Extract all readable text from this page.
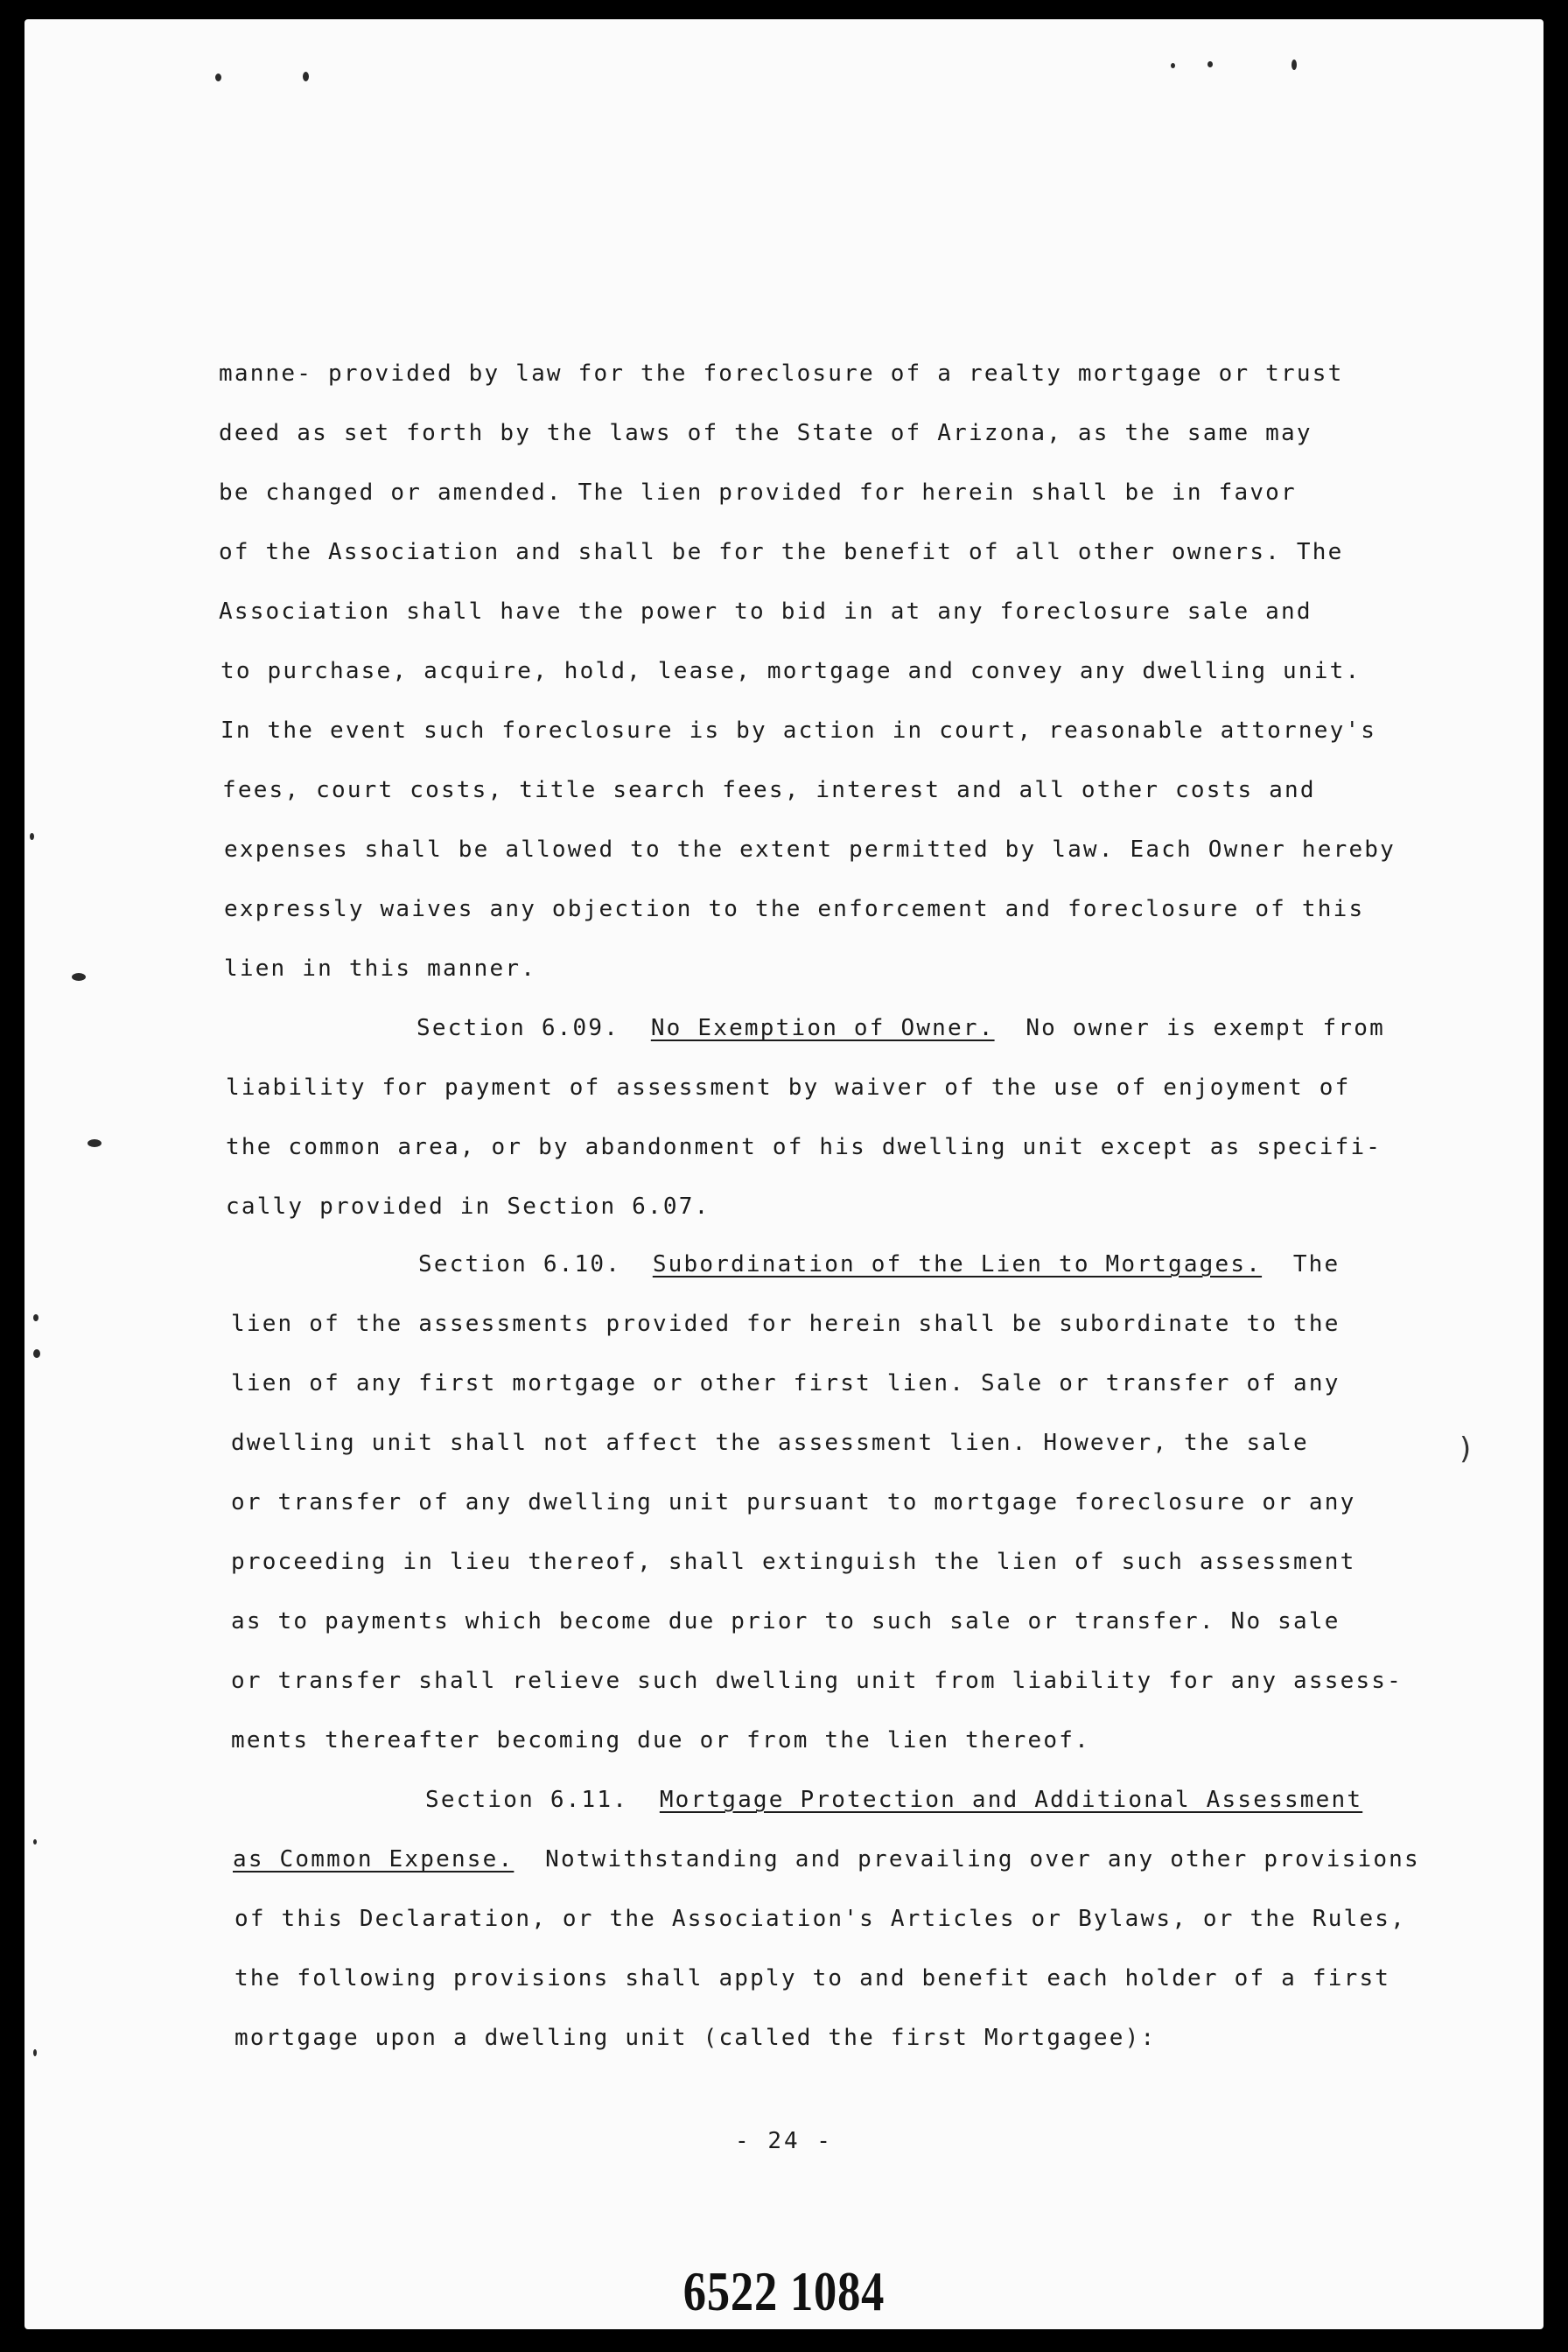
manne- provided by law for the foreclosure of a realty mortgage or trust
deed as set forth by the laws of the State of Arizona, as the same may
be changed or amended. The lien provided for herein shall be in favor
of the Association and shall be for the benefit of all other owners. The
Association shall have the power to bid in at any foreclosure sale and
to purchase, acquire, hold, lease, mortgage and convey any dwelling unit.
In the event such foreclosure is by action in court, reasonable attorney's
fees, court costs, title search fees, interest and all other costs and
expenses shall be allowed to the extent permitted by law. Each Owner hereby
expressly waives any objection to the enforcement and foreclosure of this
lien in this manner.
Section 6.09. No Exemption of Owner. No owner is exempt from
liability for payment of assessment by waiver of the use of enjoyment of
the common area, or by abandonment of his dwelling unit except as specifi-
cally provided in Section 6.07.
Section 6.10. Subordination of the Lien to Mortgages. The
lien of the assessments provided for herein shall be subordinate to the
lien of any first mortgage or other first lien. Sale or transfer of any
dwelling unit shall not affect the assessment lien. However, the sale
or transfer of any dwelling unit pursuant to mortgage foreclosure or any
proceeding in lieu thereof, shall extinguish the lien of such assessment
as to payments which become due prior to such sale or transfer. No sale
or transfer shall relieve such dwelling unit from liability for any assess-
ments thereafter becoming due or from the lien thereof.
Section 6.11. Mortgage Protection and Additional Assessment
as Common Expense. Notwithstanding and prevailing over any other provisions
of this Declaration, or the Association's Articles or Bylaws, or the Rules,
the following provisions shall apply to and benefit each holder of a first
mortgage upon a dwelling unit (called the first Mortgagee):
)
- 24 -
6522 1084
